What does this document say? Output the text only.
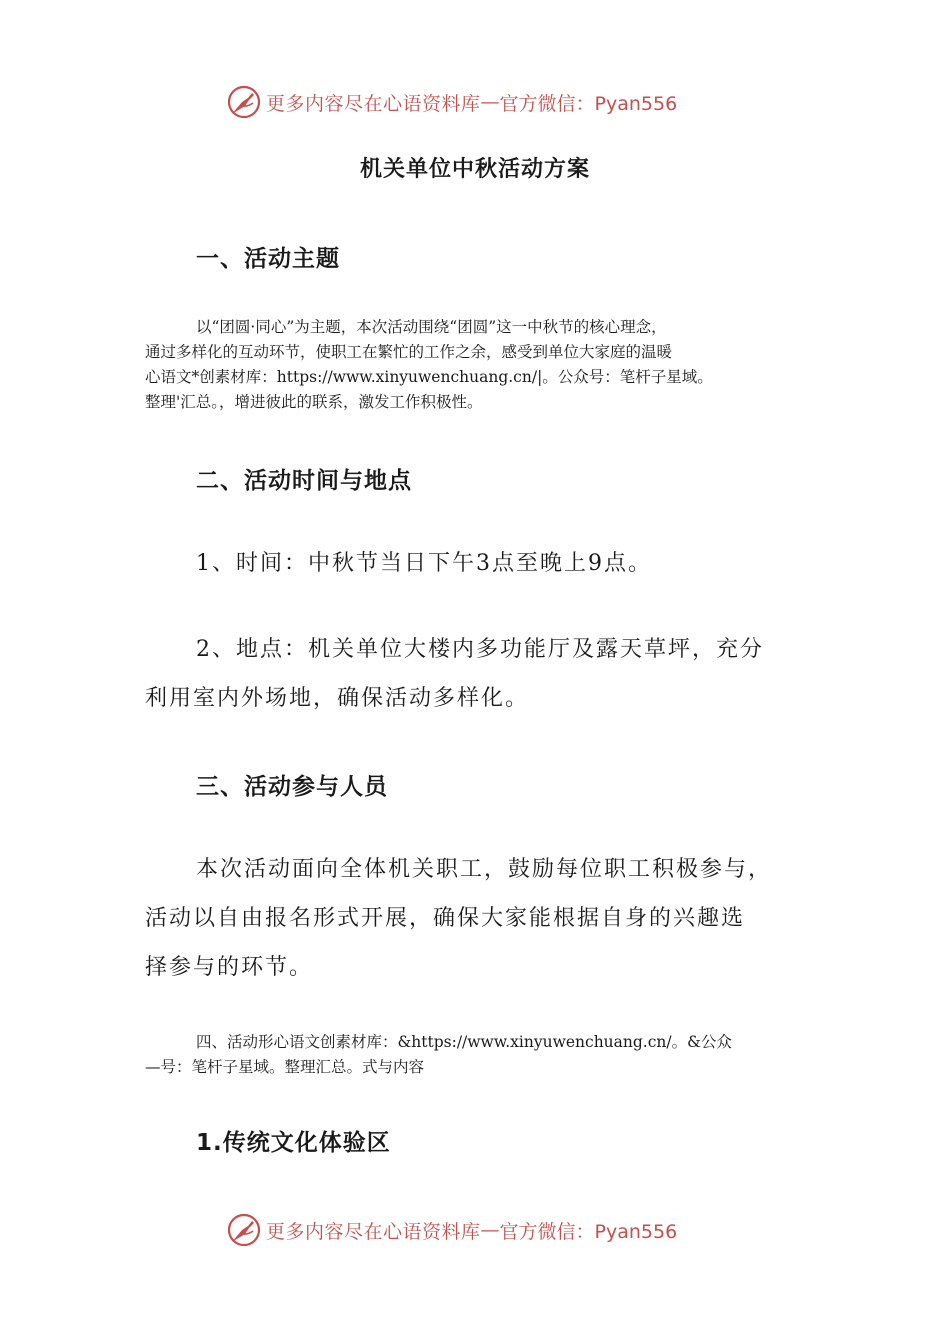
更多内容尽在心语资料库 — 官方微信：Pyan556
机关单位中秋活动方案
一、活动主题

以“团圆·同心”为主题，本次活动围绕“团圆”这一中秋节的核心理念，

通过多样化的互动环节，使职工在繁忙的工作之余，感受到单位大家庭的温暖

心语文*创素材库：https://www.xinyuwenchuang.cn/|。公众号：笔杆子星域。

整理'汇总。，增进彼此的联系，激发工作积极性。

二、活动时间与地点

1、时间：中秋节当日下午3点至晚上9点。

2、地点：机关单位大楼内多功能厅及露天草坪，充分

利用室内外场地，确保活动多样化。

三、活动参与人员

本次活动面向全体机关职工，鼓励每位职工积极参与，

活动以自由报名形式开展，确保大家能根据自身的兴趣选

择参与的环节。

四、活动形心语文创素材库：&https://www.xinyuwenchuang.cn/。&公众

—号：笔杆子星域。整理汇总。式与内容

1.传统文化体验区
更多内容尽在心语资料库 — 官方微信：Pyan556
